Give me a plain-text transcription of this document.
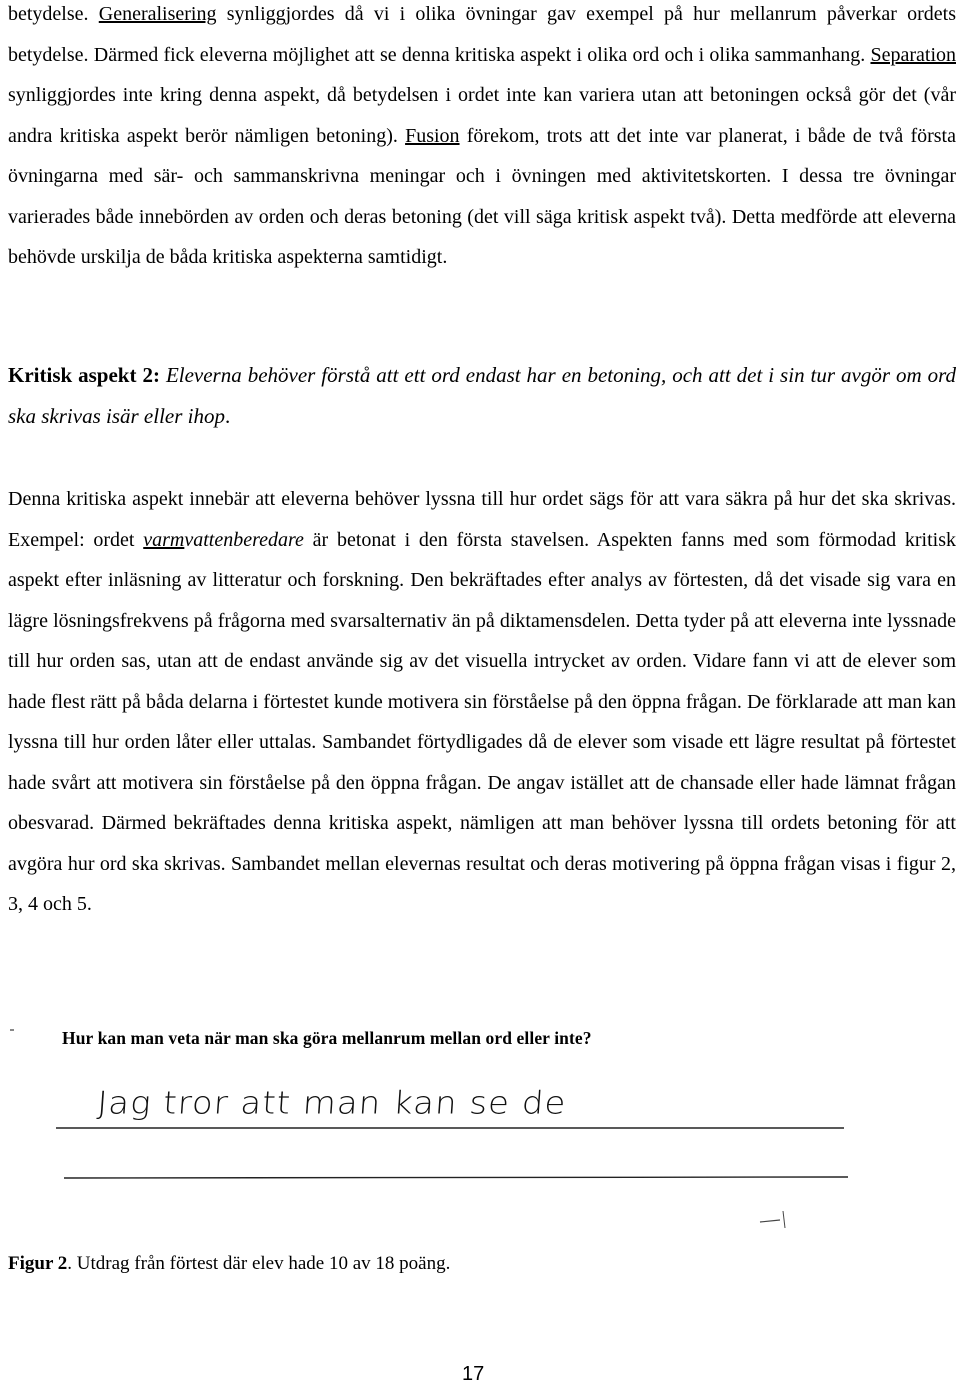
betydelse. Generalisering synliggjordes då vi i olika övningar gav exempel på hur mellanrum påverkar ordets betydelse. Därmed fick eleverna möjlighet att se denna kritiska aspekt i olika ord och i olika sammanhang. Separation synliggjordes inte kring denna aspekt, då betydelsen i ordet inte kan variera utan att betoningen också gör det (vår andra kritiska aspekt berör nämligen betoning). Fusion förekom, trots att det inte var planerat, i både de två första övningarna med sär- och sammanskrivna meningar och i övningen med aktivitetskorten. I dessa tre övningar varierades både innebörden av orden och deras betoning (det vill säga kritisk aspekt två). Detta medförde att eleverna behövde urskilja de båda kritiska aspekterna samtidigt.

Kritisk aspekt 2: Eleverna behöver förstå att ett ord endast har en betoning, och att det i sin tur avgör om ord ska skrivas isär eller ihop.

Denna kritiska aspekt innebär att eleverna behöver lyssna till hur ordet sägs för att vara säkra på hur det ska skrivas. Exempel: ordet varmvattenberedare är betonat i den första stavelsen. Aspekten fanns med som förmodad kritisk aspekt efter inläsning av litteratur och forskning. Den bekräftades efter analys av förtesten, då det visade sig vara en lägre lösningsfrekvens på frågorna med svarsalternativ än på diktamensdelen. Detta tyder på att eleverna inte lyssnade till hur orden sas, utan att de endast använde sig av det visuella intrycket av orden. Vidare fann vi att de elever som hade flest rätt på båda delarna i förtestet kunde motivera sin förståelse på den öppna frågan. De förklarade att man kan lyssna till hur orden låter eller uttalas. Sambandet förtydligades då de elever som visade ett lägre resultat på förtestet hade svårt att motivera sin förståelse på den öppna frågan. De angav istället att de chansade eller hade lämnat frågan obesvarad. Därmed bekräftades denna kritiska aspekt, nämligen att man behöver lyssna till ordets betoning för att avgöra hur ord ska skrivas. Sambandet mellan elevernas resultat och deras motivering på öppna frågan visas i figur 2, 3, 4 och 5.

Hur kan man veta när man ska göra mellanrum mellan ord eller inte?
Jag tror att man kan se de
Figur 2. Utdrag från förtest där elev hade 10 av 18 poäng.
17
